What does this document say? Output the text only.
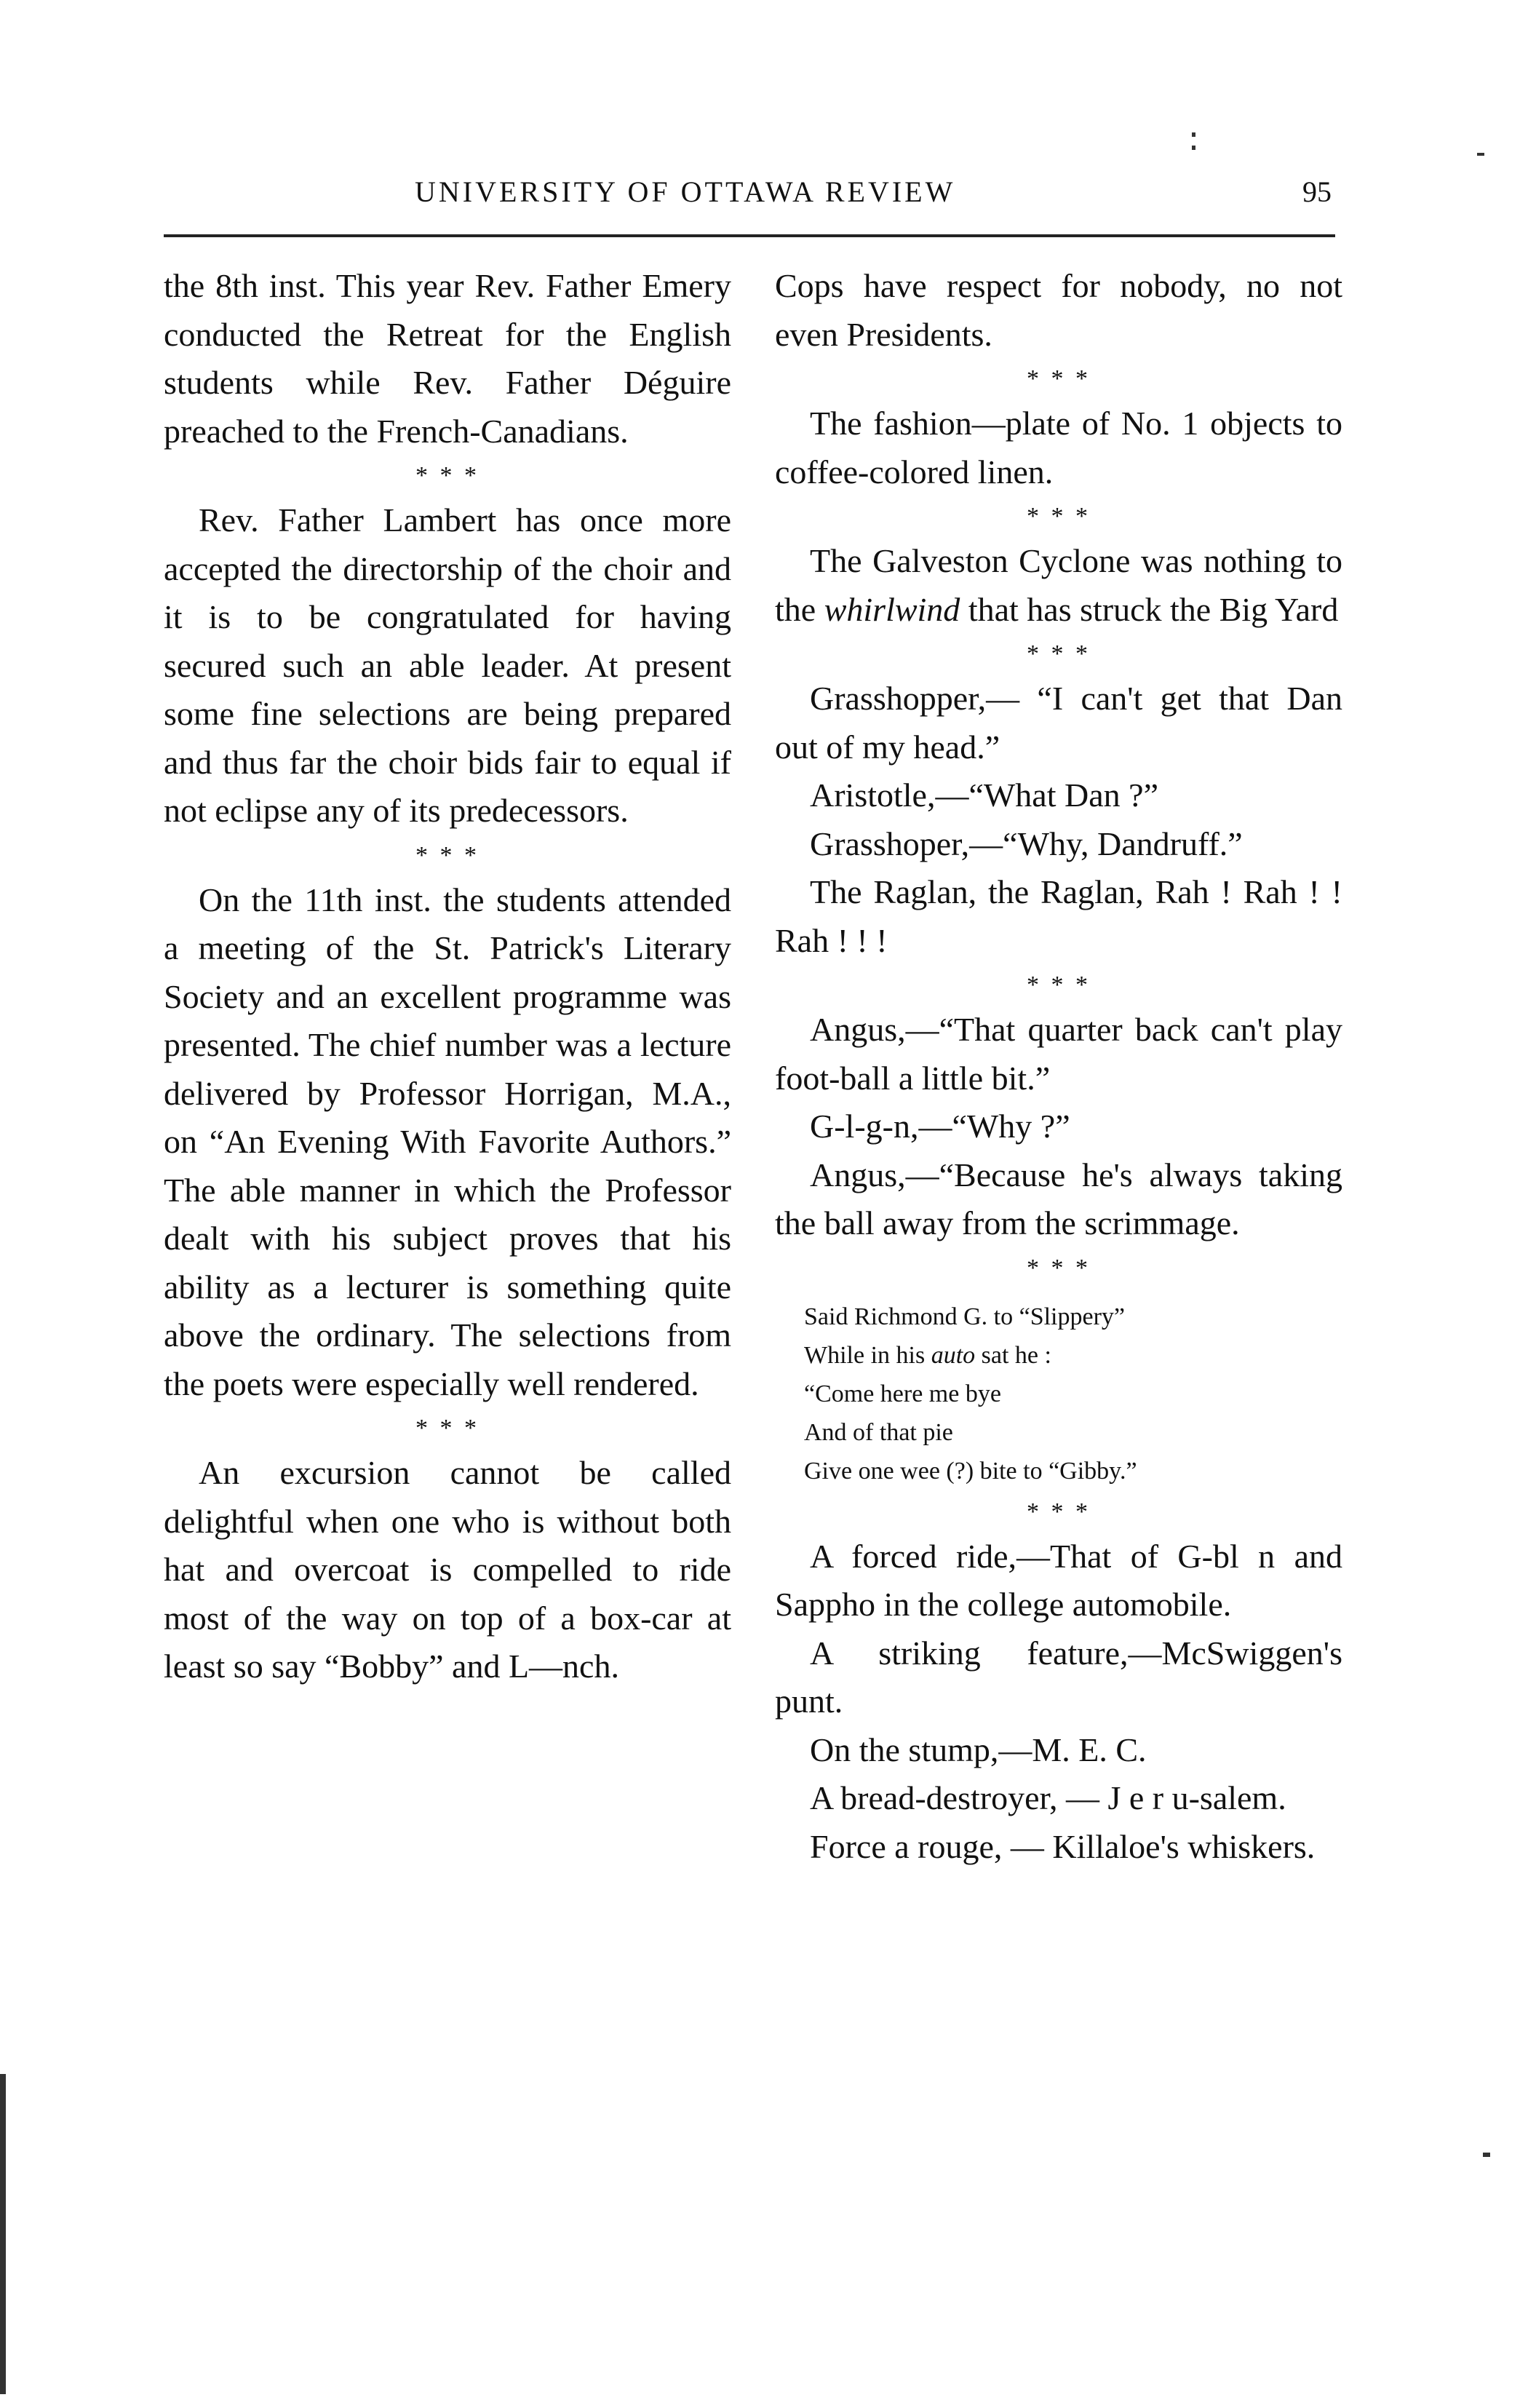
UNIVERSITY OF OTTAWA REVIEW	95

the 8th inst. This year Rev. Father Emery conducted the Retreat for the English students while Rev. Father Déguire preached to the French-Canadians.

* * *

Rev. Father Lambert has once more accepted the directorship of the choir and it is to be congratulated for having secured such an able leader. At present some fine selections are being prepared and thus far the choir bids fair to equal if not eclipse any of its predecessors.

* * *

On the 11th inst. the students attended a meeting of the St. Patrick's Literary Society and an excellent programme was presented. The chief number was a lecture delivered by Professor Horrigan, M.A., on “An Evening With Favorite Authors.” The able manner in which the Professor dealt with his subject proves that his ability as a lecturer is something quite above the ordinary. The selections from the poets were especially well rendered.

* * *

An excursion cannot be called delightful when one who is without both hat and overcoat is compelled to ride most of the way on top of a box-car at least so say “Bobby” and L—nch.

Cops have respect for nobody, no not even Presidents.

* * *

The fashion—plate of No. 1 objects to coffee-colored linen.

* * *

The Galveston Cyclone was nothing to the whirlwind that has struck the Big Yard

* * *

Grasshopper,— “I can't get that Dan out of my head.”

Aristotle,—“What Dan ?”

Grasshoper,—“Why, Dandruff.”

The Raglan, the Raglan, Rah ! Rah ! ! Rah ! ! !

* * *

Angus,—“That quarter back can't play foot-ball a little bit.”

G-l-g-n,—“Why ?”

Angus,—“Because he's always taking the ball away from the scrimmage.

* * *
Said Richmond G. to “Slippery”
While in his auto sat he :
“Come here me bye
And of that pie
Give one wee (?) bite to “Gibby.”
* * *

A forced ride,—That of G-bl n and Sappho in the college automobile.

A striking feature,—McSwiggen's punt.

On the stump,—M. E. C.

A bread-destroyer, — J e r u-salem.

Force a rouge, — Killaloe's whiskers.
